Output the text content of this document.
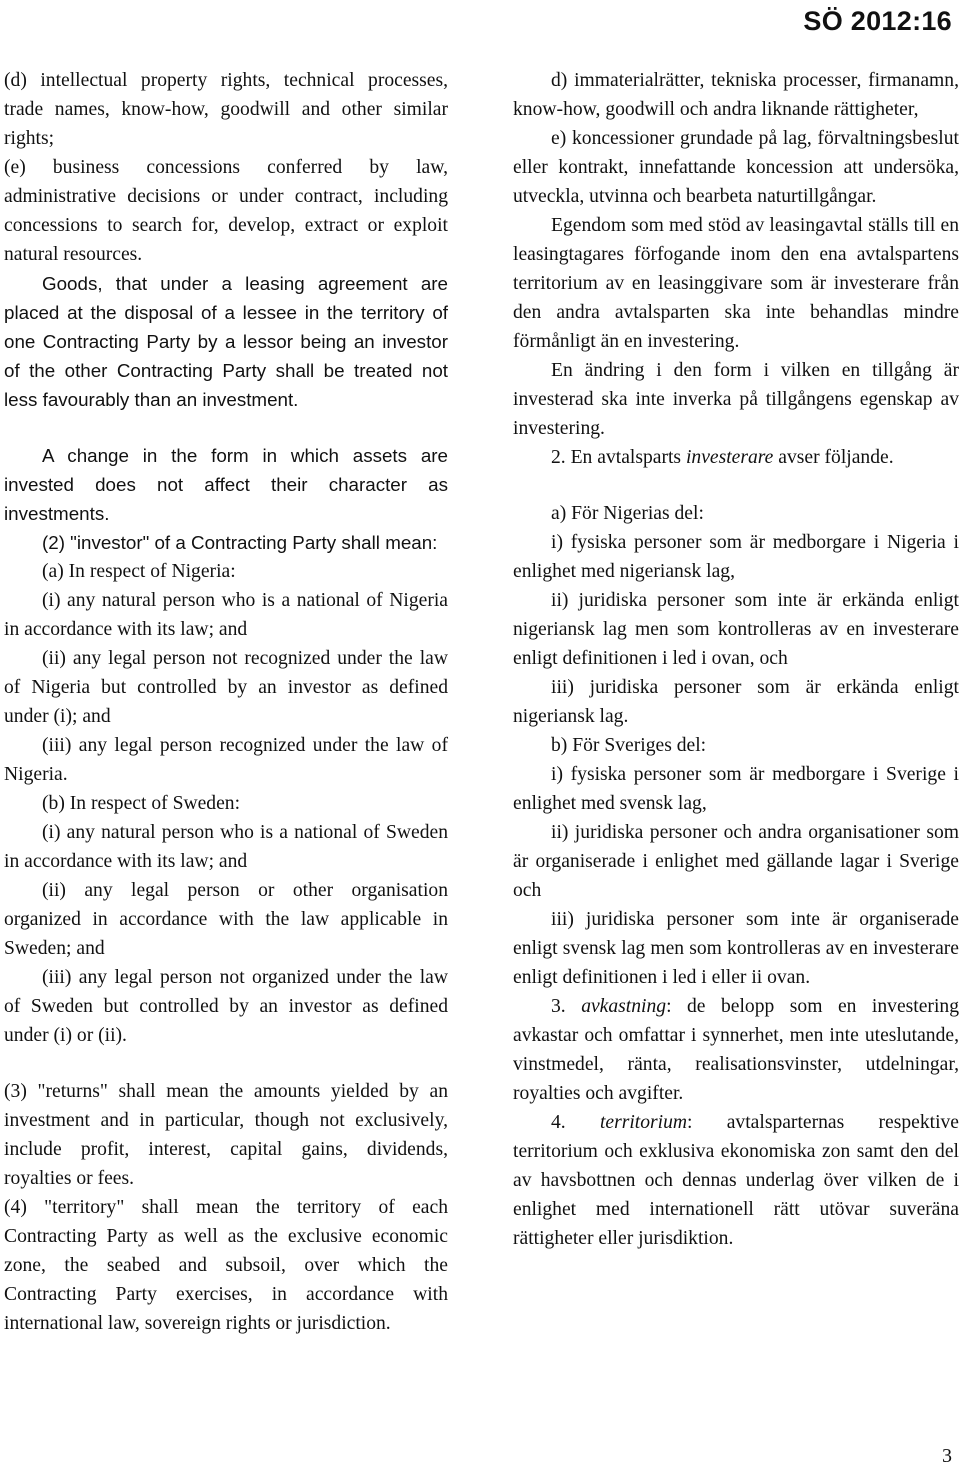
SÖ 2012:16

(d) intellectual property rights, technical processes, trade names, know-how, goodwill and other similar rights;

(e) business concessions conferred by law, administrative decisions or under contract, including concessions to search for, develop, extract or exploit natural resources.

Goods, that under a leasing agreement are placed at the disposal of a lessee in the territory of one Contracting Party by a lessor being an investor of the other Contracting Party shall be treated not less favourably than an investment.

A change in the form in which assets are invested does not affect their character as investments.

(2) "investor" of a Contracting Party shall mean:

(a) In respect of Nigeria:

(i) any natural person who is a national of Nigeria in accordance with its law; and

(ii) any legal person not recognized under the law of Nigeria but controlled by an investor as defined under (i); and

(iii) any legal person recognized under the law of Nigeria.

(b) In respect of Sweden:

(i) any natural person who is a national of Sweden in accordance with its law; and

(ii) any legal person or other organisation organized in accordance with the law applicable in Sweden; and

(iii) any legal person not organized under the law of Sweden but controlled by an investor as defined under (i) or (ii).

(3) "returns" shall mean the amounts yielded by an investment and in particular, though not exclusively, include profit, interest, capital gains, dividends, royalties or fees.

(4) "territory" shall mean the territory of each Contracting Party as well as the exclusive economic zone, the seabed and subsoil, over which the Contracting Party exercises, in accordance with international law, sovereign rights or jurisdiction.

d) immaterialrätter, tekniska processer, firmanamn, know-how, goodwill och andra liknande rättigheter,

e) koncessioner grundade på lag, förvaltningsbeslut eller kontrakt, innefattande koncession att undersöka, utveckla, utvinna och bearbeta naturtillgångar.

Egendom som med stöd av leasingavtal ställs till en leasingtagares förfogande inom den ena avtalspartens territorium av en leasinggivare som är investerare från den andra avtalsparten ska inte behandlas mindre förmånligt än en investering.

En ändring i den form i vilken en tillgång är investerad ska inte inverka på tillgångens egenskap av investering.

2. En avtalsparts investerare avser följande.

a) För Nigerias del:

i) fysiska personer som är medborgare i Nigeria i enlighet med nigeriansk lag,

ii) juridiska personer som inte är erkända enligt nigeriansk lag men som kontrolleras av en investerare enligt definitionen i led i ovan, och

iii) juridiska personer som är erkända enligt nigeriansk lag.

b) För Sveriges del:

i) fysiska personer som är medborgare i Sverige i enlighet med svensk lag,

ii) juridiska personer och andra organisationer som är organiserade i enlighet med gällande lagar i Sverige och

iii) juridiska personer som inte är organiserade enligt svensk lag men som kontrolleras av en investerare enligt definitionen i led i eller ii ovan.

3. avkastning: de belopp som en investering avkastar och omfattar i synnerhet, men inte uteslutande, vinstmedel, ränta, realisationsvinster, utdelningar, royalties och avgifter.

4. territorium: avtalsparternas respektive territorium och exklusiva ekonomiska zon samt den del av havsbottnen och dennas underlag över vilken de i enlighet med internationell rätt utövar suveräna rättigheter eller jurisdiktion.

3
